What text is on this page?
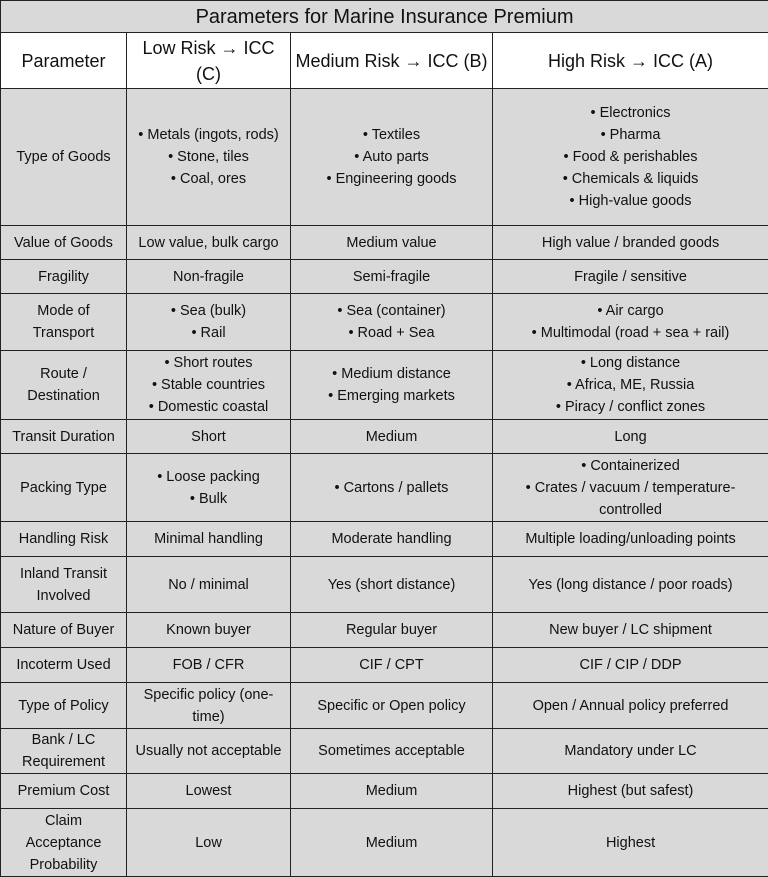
Parameters for Marine Insurance Premium			
Parameter	Low Risk → ICC (C)	Medium Risk → ICC (B)	High Risk → ICC (A)

Type of Goods	• Metals (ingots, rods)
• Stone, tiles
• Coal, ores	• Textiles
• Auto parts
• Engineering goods	• Electronics
• Pharma
• Food & perishables
• Chemicals & liquids
• High-value goods

Value of Goods	Low value, bulk cargo	Medium value	High value / branded goods

Fragility	Non-fragile	Semi-fragile	Fragile / sensitive

Mode of
Transport	• Sea (bulk)
• Rail	• Sea (container)
• Road + Sea	• Air cargo
• Multimodal (road + sea + rail)

Route /
Destination	• Short routes
• Stable countries
• Domestic coastal	• Medium distance
• Emerging markets	• Long distance
• Africa, ME, Russia
• Piracy / conflict zones

Transit Duration	Short	Medium	Long

Packing Type	• Loose packing
• Bulk	• Cartons / pallets	• Containerized
• Crates / vacuum / temperature-
controlled

Handling Risk	Minimal handling	Moderate handling	Multiple loading/unloading points

Inland Transit
Involved	No / minimal	Yes (short distance)	Yes (long distance / poor roads)

Nature of Buyer	Known buyer	Regular buyer	New buyer / LC shipment

Incoterm Used	FOB / CFR	CIF / CPT	CIF / CIP / DDP

Type of Policy	Specific policy (one-
time)	Specific or Open policy	Open / Annual policy preferred

Bank / LC
Requirement	Usually not acceptable	Sometimes acceptable	Mandatory under LC

Premium Cost	Lowest	Medium	Highest (but safest)

Claim
Acceptance
Probability	Low	Medium	Highest
